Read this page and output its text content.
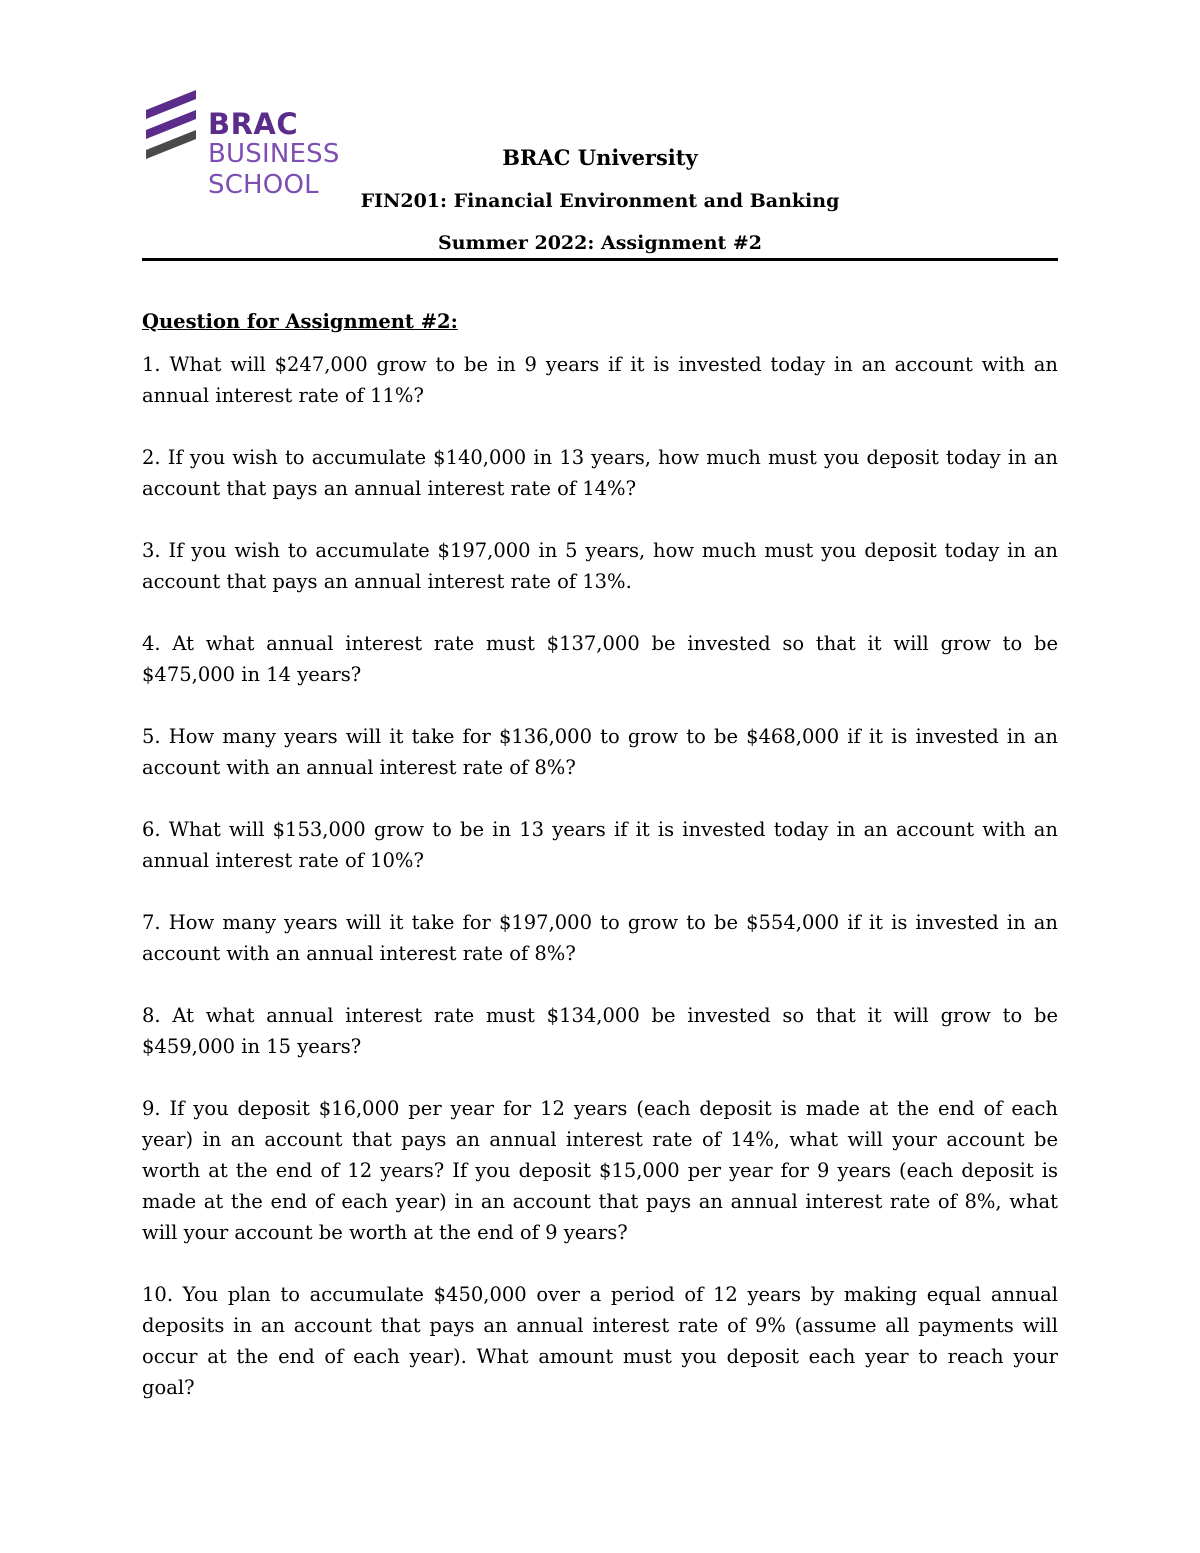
BRAC
BUSINESS
SCHOOL
BRAC University
FIN201: Financial Environment and Banking
Summer 2022: Assignment #2

Question for Assignment #2:

1. What will $247,000 grow to be in 9 years if it is invested today in an account with an annual interest rate of 11%?

2. If you wish to accumulate $140,000 in 13 years, how much must you deposit today in an account that pays an annual interest rate of 14%?

3. If you wish to accumulate $197,000 in 5 years, how much must you deposit today in an account that pays an annual interest rate of 13%.

4. At what annual interest rate must $137,000 be invested so that it will grow to be $475,000 in 14 years?

5. How many years will it take for $136,000 to grow to be $468,000 if it is invested in an account with an annual interest rate of 8%?

6. What will $153,000 grow to be in 13 years if it is invested today in an account with an annual interest rate of 10%?

7. How many years will it take for $197,000 to grow to be $554,000 if it is invested in an account with an annual interest rate of 8%?

8. At what annual interest rate must $134,000 be invested so that it will grow to be $459,000 in 15 years?

9. If you deposit $16,000 per year for 12 years (each deposit is made at the end of each year) in an account that pays an annual interest rate of 14%, what will your account be worth at the end of 12 years? If you deposit $15,000 per year for 9 years (each deposit is made at the end of each year) in an account that pays an annual interest rate of 8%, what will your account be worth at the end of 9 years?

10. You plan to accumulate $450,000 over a period of 12 years by making equal annual deposits in an account that pays an annual interest rate of 9% (assume all payments will occur at the end of each year). What amount must you deposit each year to reach your goal?
